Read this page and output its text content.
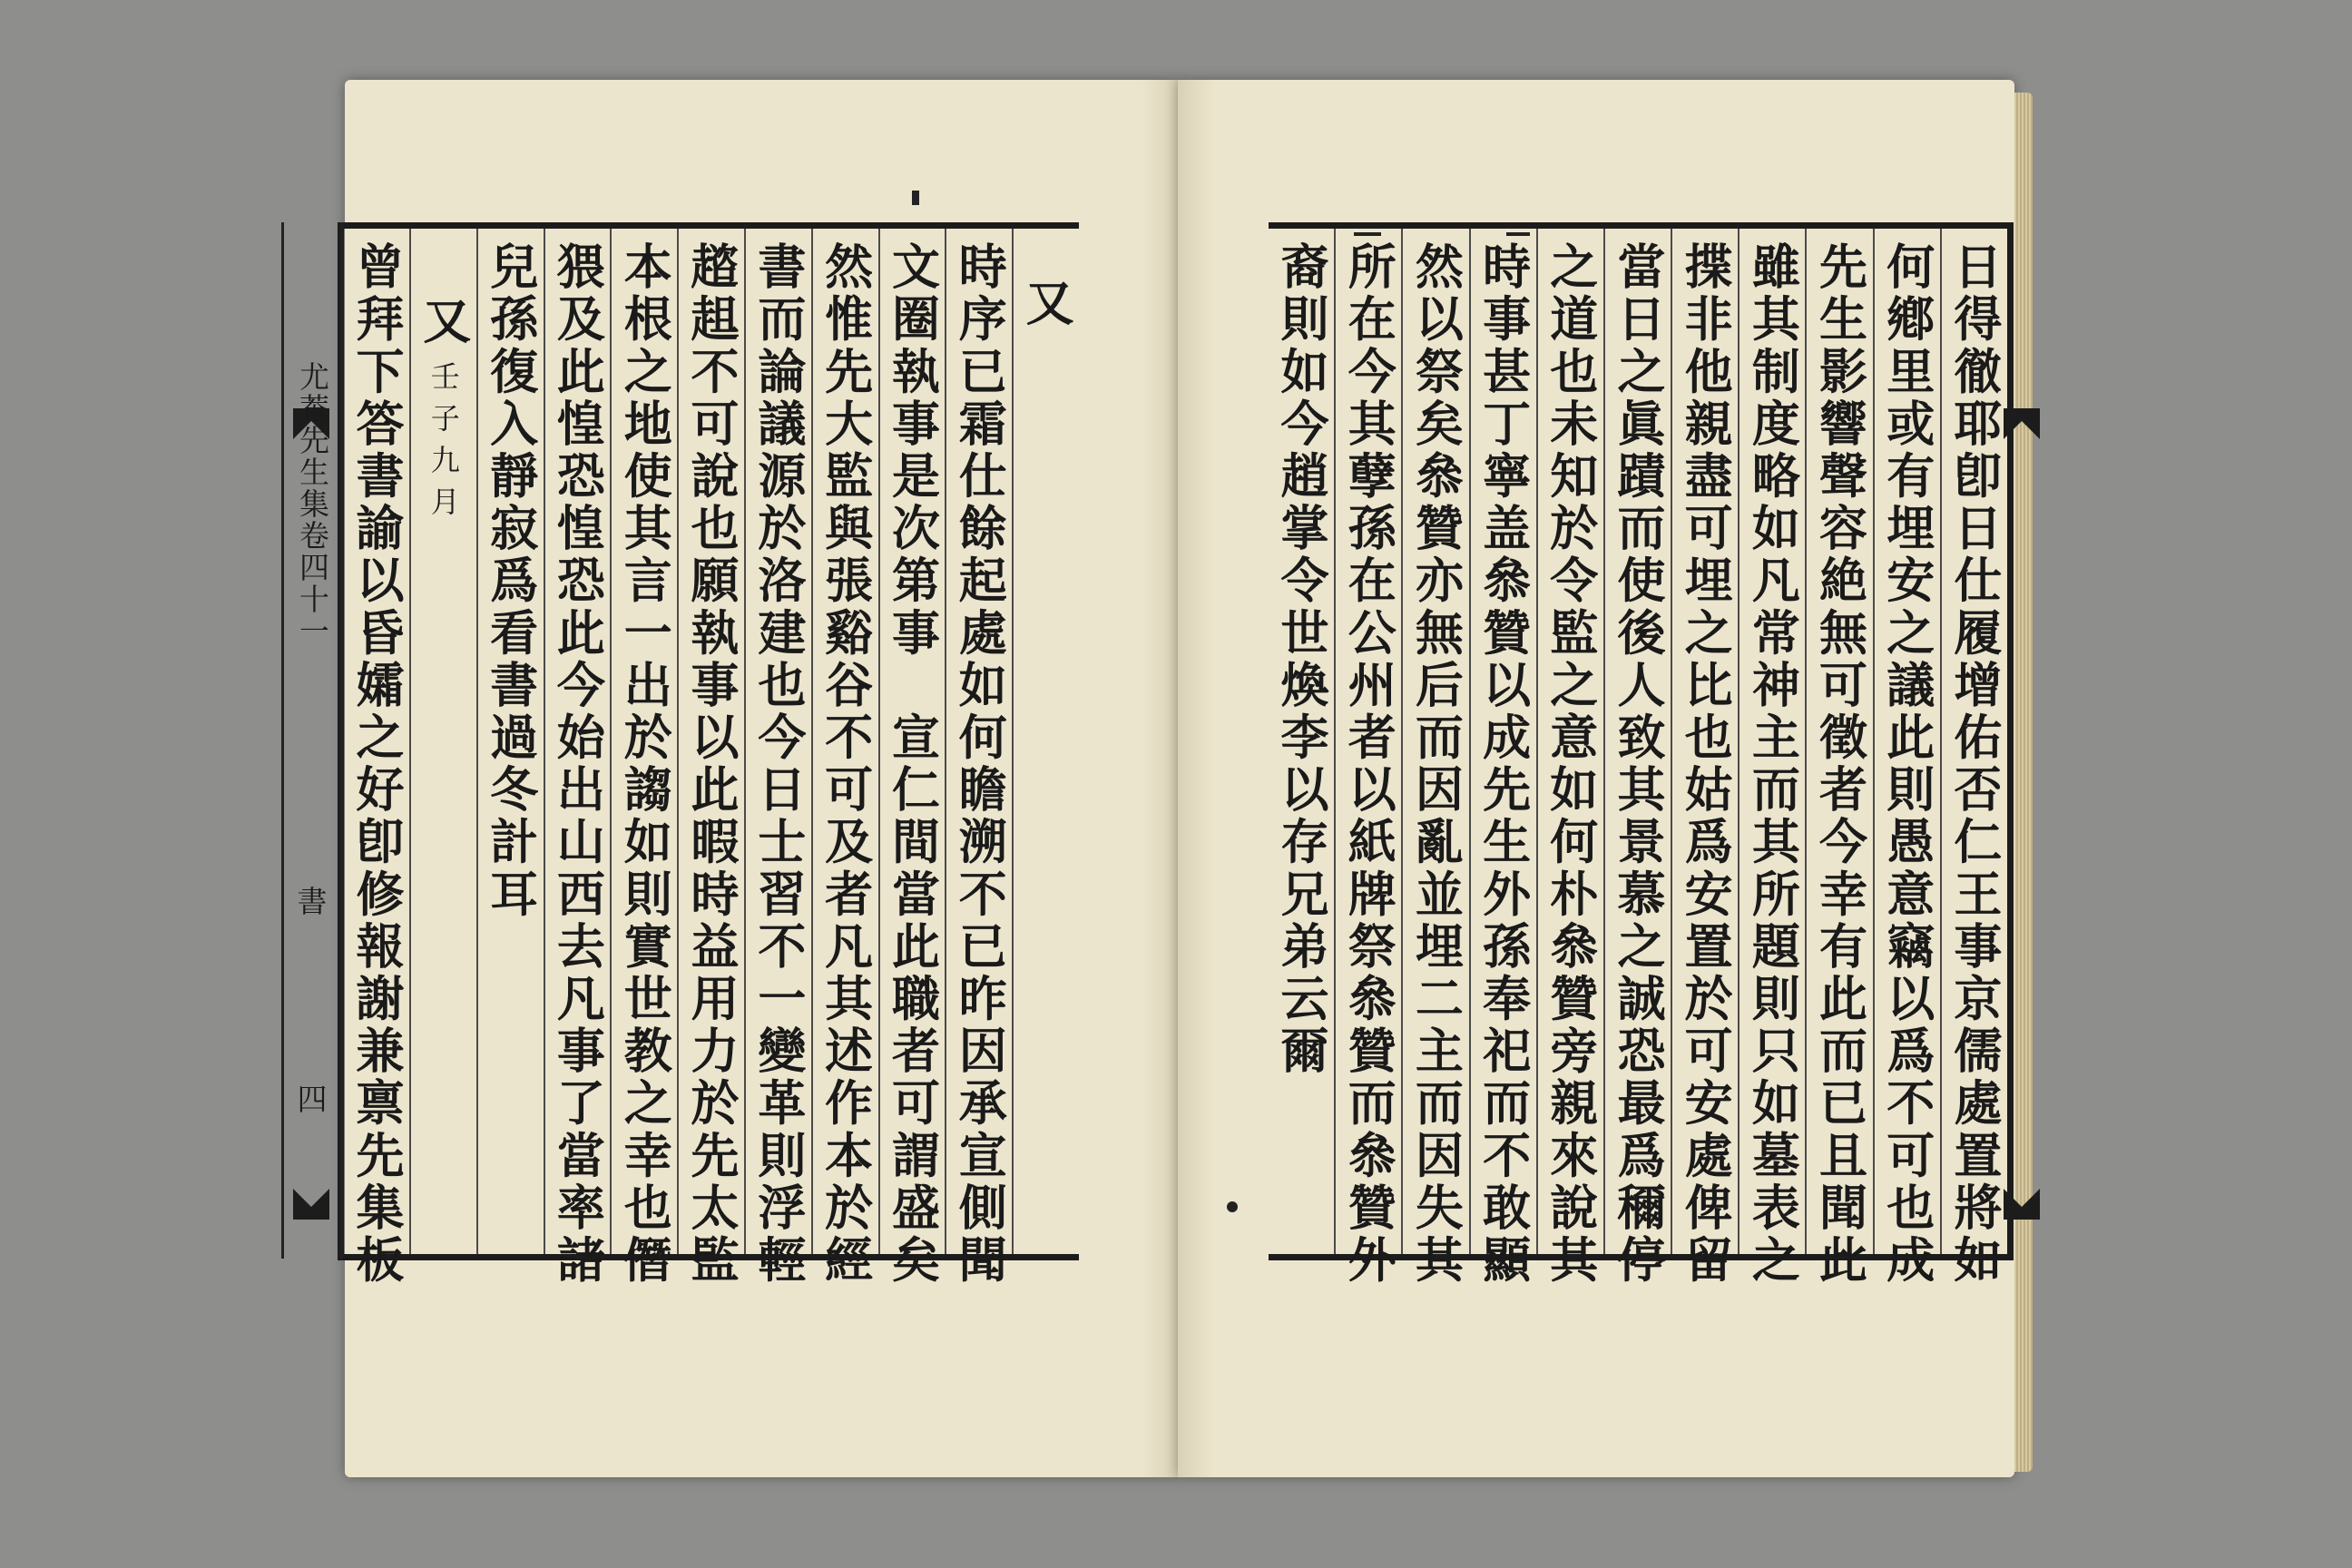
又
時序已霜仕餘起處如何瞻溯不已昨因承宣側聞
文圈執事是次第事　宣仁間當此職者可謂盛矣
然惟先大監與張谿谷不可及者凡其述作本於經
書而論議源於洛建也今日士習不一變革則浮輕
趦趄不可說也願執事以此暇時益用力於先太監
本根之地使其言一出於謅如則實世教之幸也僭
猥及此惶恐惶恐此今始出山西去凡事了當率諸
兒孫復入靜寂爲看書過冬計耳
又
壬子九月
曾拜下答書諭以昏孀之好卽修報謝兼禀先集板
尤菴先生集卷四十一
書
四	日得徹耶卽日仕履增佑否仁王事京儒處置將如
何鄕里或有埋安之議此則愚意竊以爲不可也成
先生影響聲容絶無可徵者今幸有此而已且聞此
雖其制度略如凡常神主而其所題則只如墓表之
揲非他親盡可埋之比也姑爲安置於可安處俾留
當日之眞蹟而使後人致其景慕之誠恐最爲穪停
之道也未知於令監之意如何朴叅贊旁親來說其
時事甚丁寧盖叅贊以成先生外孫奉祀而不敢顯
然以祭矣叅贊亦無后而因亂並埋二主而因失其
所在今其孽孫在公州者以紙牌祭叅贊而叅贊外
裔則如今趙掌令世煥李以存兄弟云爾
